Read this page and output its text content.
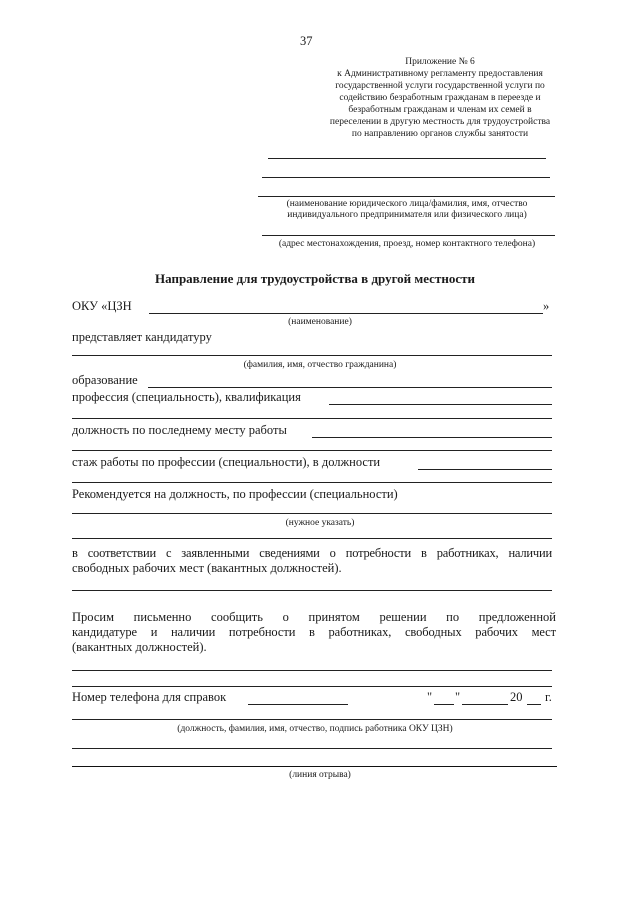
37
Приложение № 6
к Административному регламенту предоставления
государственной услуги государственной услуги по
содействию безработным гражданам в переезде и
безработным гражданам и членам их семей в
переселении в другую местность для трудоустройства
по направлению органов службы занятости
(наименование юридического лица/фамилия, имя, отчество
индивидуального предпринимателя или физического лица)
(адрес местонахождения, проезд, номер контактного телефона)
Направление для трудоустройства в другой местности
ОКУ «ЦЗН	»
(наименование)
представляет кандидатуру
(фамилия, имя, отчество гражданина)
образование
профессия (специальность), квалификация
должность по последнему месту работы
стаж работы по профессии (специальности), в должности
Рекомендуется на должность, по профессии (специальности)
(нужное указать)
в соответствии с заявленными сведениями о потребности в работниках, наличии
свободных рабочих мест (вакантных должностей).
Просим письменно сообщить о принятом решении по предложенной
кандидатуре и наличии потребности в работниках, свободных рабочих мест
(вакантных должностей).
Номер телефона для справок	" "	20 г.
(должность, фамилия, имя, отчество, подпись работника ОКУ ЦЗН)
(линия отрыва)
